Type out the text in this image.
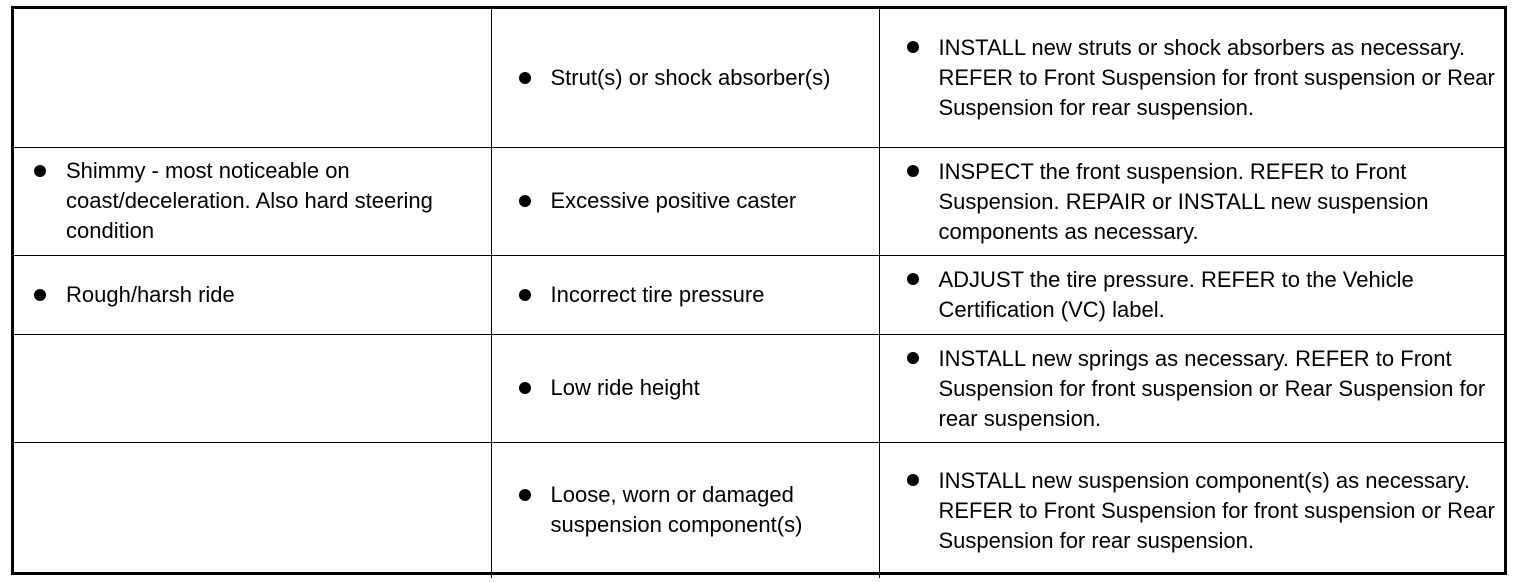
	Strut(s) or shock absorber(s)	INSTALL new struts or shock absorbers as necessary. REFER to Front Suspension for front suspension or Rear Suspension for rear suspension.

Shimmy - most noticeable on coast/deceleration. Also hard steering condition	Excessive positive caster	INSPECT the front suspension. REFER to Front Suspension. REPAIR or INSTALL new suspension components as necessary.

Rough/harsh ride	Incorrect tire pressure	ADJUST the tire pressure. REFER to the Vehicle Certification (VC) label.

	Low ride height	INSTALL new springs as necessary. REFER to Front Suspension for front suspension or Rear Suspension for rear suspension.

	Loose, worn or damaged suspension component(s)	INSTALL new suspension component(s) as necessary. REFER to Front Suspension for front suspension or Rear Suspension for rear suspension.
